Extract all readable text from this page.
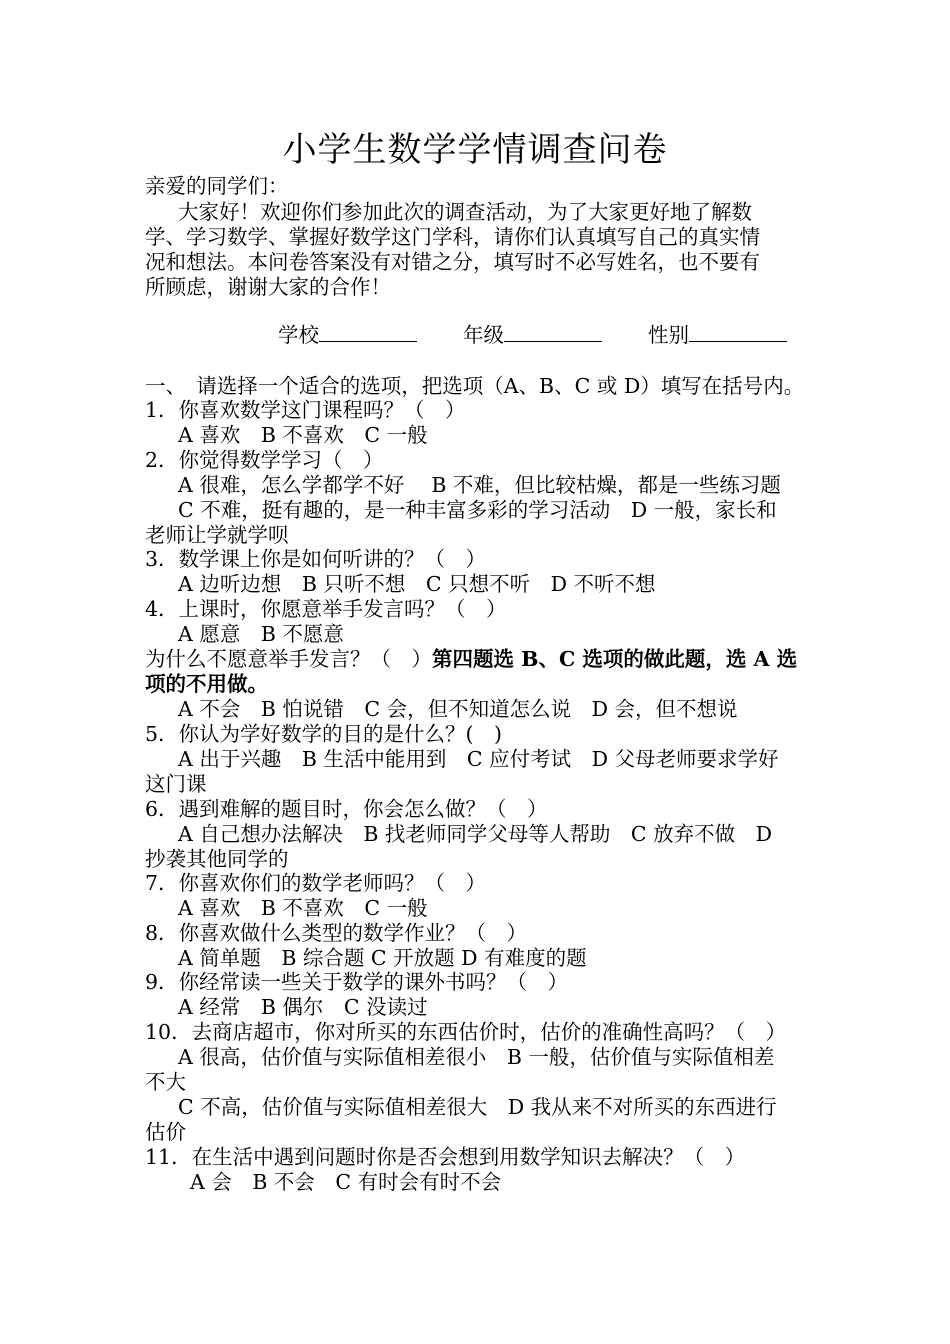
小学生数学学情调查问卷
亲爱的同学们：
大家好！欢迎你们参加此次的调查活动，为了大家更好地了解数
学、学习数学、掌握好数学这门学科，请你们认真填写自己的真实情
况和想法。本问卷答案没有对错之分，填写时不必写姓名，也不要有
所顾虑，谢谢大家的合作！
学校	年级	性别
一、　请选择一个适合的选项，把选项（A、B、C 或 D）填写在括号内。
1．你喜欢数学这门课程吗？（　）
A 喜欢　B 不喜欢　C 一般
2．你觉得数学学习（　）
A 很难，怎么学都学不好　 B 不难，但比较枯燥，都是一些练习题
C 不难，挺有趣的，是一种丰富多彩的学习活动　D 一般，家长和
老师让学就学呗
3．数学课上你是如何听讲的？（　）
A 边听边想　B 只听不想　C 只想不听　D 不听不想
4．上课时，你愿意举手发言吗？（　）
A 愿意　B 不愿意
为什么不愿意举手发言？（　）第四题选 B、C 选项的做此题，选 A 选
项的不用做。
A 不会　B 怕说错　C 会，但不知道怎么说　D 会，但不想说
5．你认为学好数学的目的是什么？(　)
A 出于兴趣　B 生活中能用到　C 应付考试　D 父母老师要求学好
这门课
6．遇到难解的题目时，你会怎么做？（　）
A 自己想办法解决　B 找老师同学父母等人帮助　C 放弃不做　D
抄袭其他同学的
7．你喜欢你们的数学老师吗？（　）
A 喜欢　B 不喜欢　C 一般
8．你喜欢做什么类型的数学作业？（　）
A 简单题　B 综合题 C 开放题 D 有难度的题
9．你经常读一些关于数学的课外书吗？（　）
A 经常　B 偶尔　C 没读过
10．去商店超市，你对所买的东西估价时，估价的准确性高吗？（　）
A 很高，估价值与实际值相差很小　B 一般，估价值与实际值相差
不大
C 不高，估价值与实际值相差很大　D 我从来不对所买的东西进行
估价
11．在生活中遇到问题时你是否会想到用数学知识去解决？（　）
A 会　B 不会　C 有时会有时不会
